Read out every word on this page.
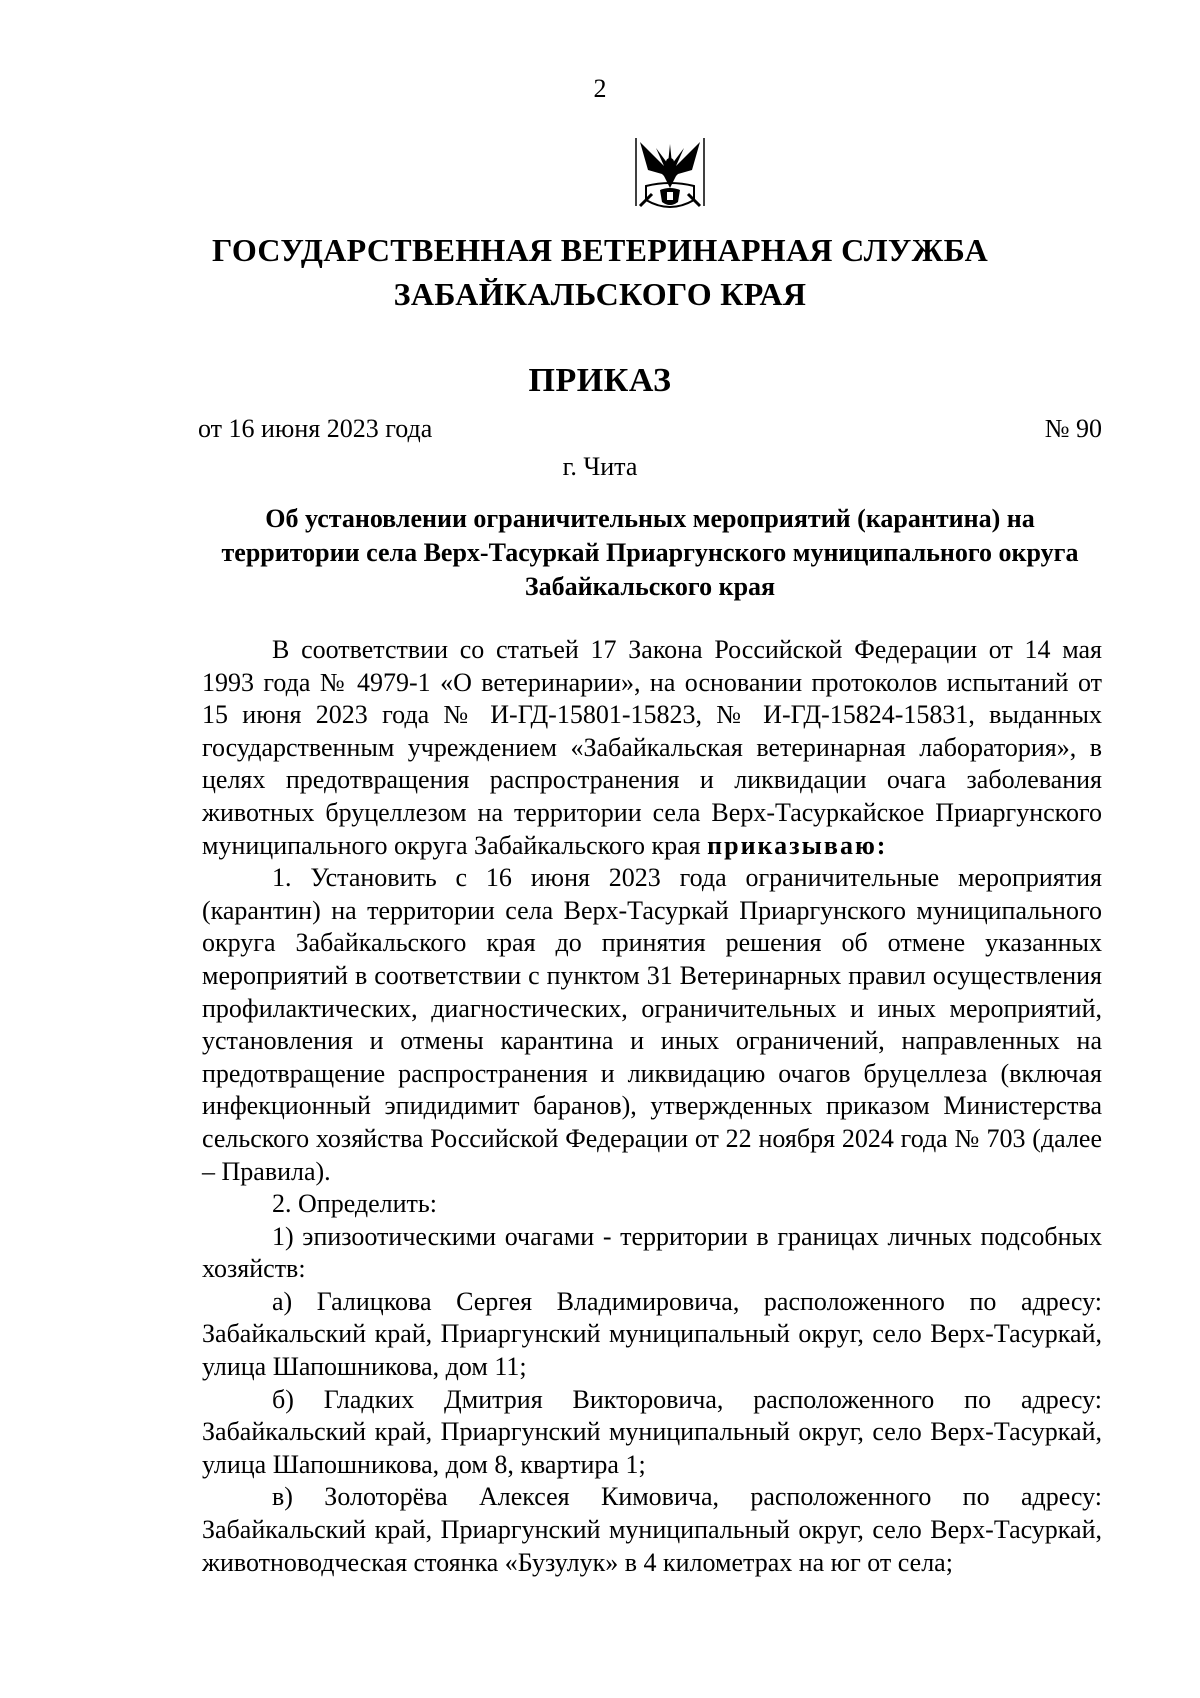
2
ГОСУДАРСТВЕННАЯ ВЕТЕРИНАРНАЯ СЛУЖБА
ЗАБАЙКАЛЬСКОГО КРАЯ
ПРИКАЗ
от 16 июня 2023 года	№ 90
г. Чита
Об установлении ограничительных мероприятий (карантина) на
территории села Верх-Тасуркай Приаргунского муниципального округа
Забайкальского края

В соответствии со статьей 17 Закона Российской Федерации от 14 мая 1993 года № 4979-1 «О ветеринарии», на основании протоколов испытаний от 15 июня 2023 года № И-ГД-15801-15823, № И-ГД-15824-15831, выданных государственным учреждением «Забайкальская ветеринарная лаборатория», в целях предотвращения распространения и ликвидации очага заболевания животных бруцеллезом на территории села Верх-Тасуркайское Приаргунского муниципального округа Забайкальского края приказываю:

1. Установить с 16 июня 2023 года ограничительные мероприятия (карантин) на территории села Верх-Тасуркай Приаргунского муниципального округа Забайкальского края до принятия решения об отмене указанных мероприятий в соответствии с пунктом 31 Ветеринарных правил осуществления профилактических, диагностических, ограничительных и иных мероприятий, установления и отмены карантина и иных ограничений, направленных на предотвращение распространения и ликвидацию очагов бруцеллеза (включая инфекционный эпидидимит баранов), утвержденных приказом Министерства сельского хозяйства Российской Федерации от 22 ноября 2024 года № 703 (далее – Правила).

2. Определить:

1) эпизоотическими очагами - территории в границах личных подсобных хозяйств:

а) Галицкова Сергея Владимировича, расположенного по адресу: Забайкальский край, Приаргунский муниципальный округ, село Верх-Тасуркай, улица Шапошникова, дом 11;

б) Гладких Дмитрия Викторовича, расположенного по адресу: Забайкальский край, Приаргунский муниципальный округ, село Верх-Тасуркай, улица Шапошникова, дом 8, квартира 1;

в) Золоторёва Алексея Кимовича, расположенного по адресу: Забайкальский край, Приаргунский муниципальный округ, село Верх-Тасуркай, животноводческая стоянка «Бузулук» в 4 километрах на юг от села;
